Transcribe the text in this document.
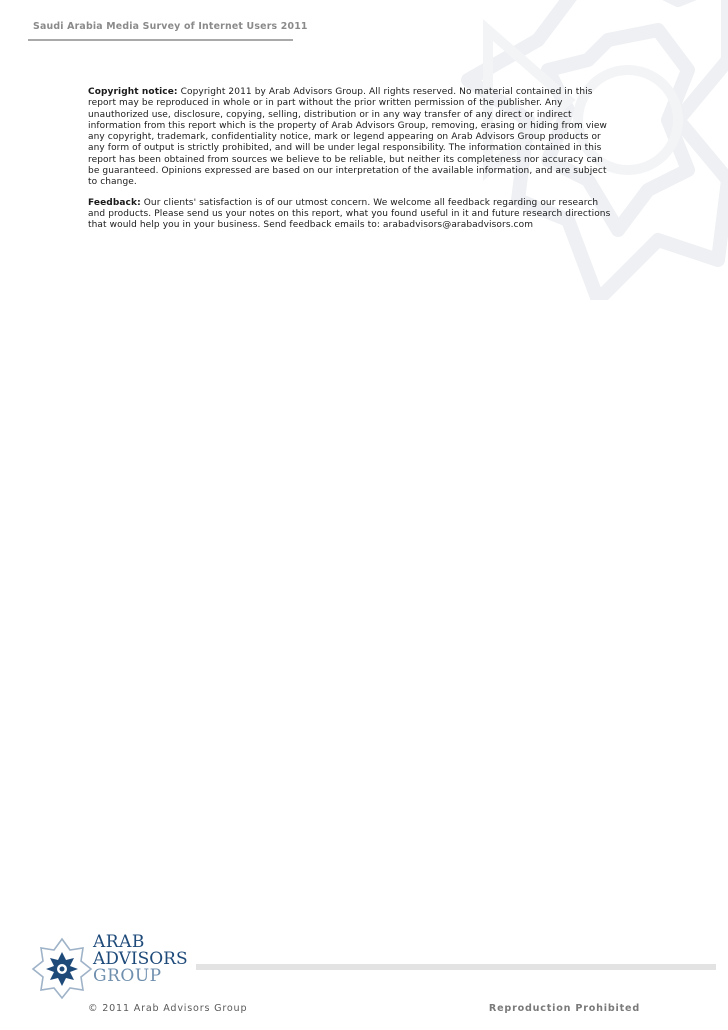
Saudi Arabia Media Survey of Internet Users 2011

Copyright notice: Copyright 2011 by Arab Advisors Group. All rights reserved. No material contained in this report may be reproduced in whole or in part without the prior written permission of the publisher. Any unauthorized use, disclosure, copying, selling, distribution or in any way transfer of any direct or indirect information from this report which is the property of Arab Advisors Group, removing, erasing or hiding from view any copyright, trademark, confidentiality notice, mark or legend appearing on Arab Advisors Group products or any form of output is strictly prohibited, and will be under legal responsibility. The information contained in this report has been obtained from sources we believe to be reliable, but neither its completeness nor accuracy can be guaranteed. Opinions expressed are based on our interpretation of the available information, and are subject to change.

Feedback: Our clients' satisfaction is of our utmost concern. We welcome all feedback regarding our research and products. Please send us your notes on this report, what you found useful in it and future research directions that would help you in your business. Send feedback emails to: arabadvisors@arabadvisors.com

ARAB
ADVISORS
GROUP
© 2011 Arab Advisors Group	Reproduction Prohibited
